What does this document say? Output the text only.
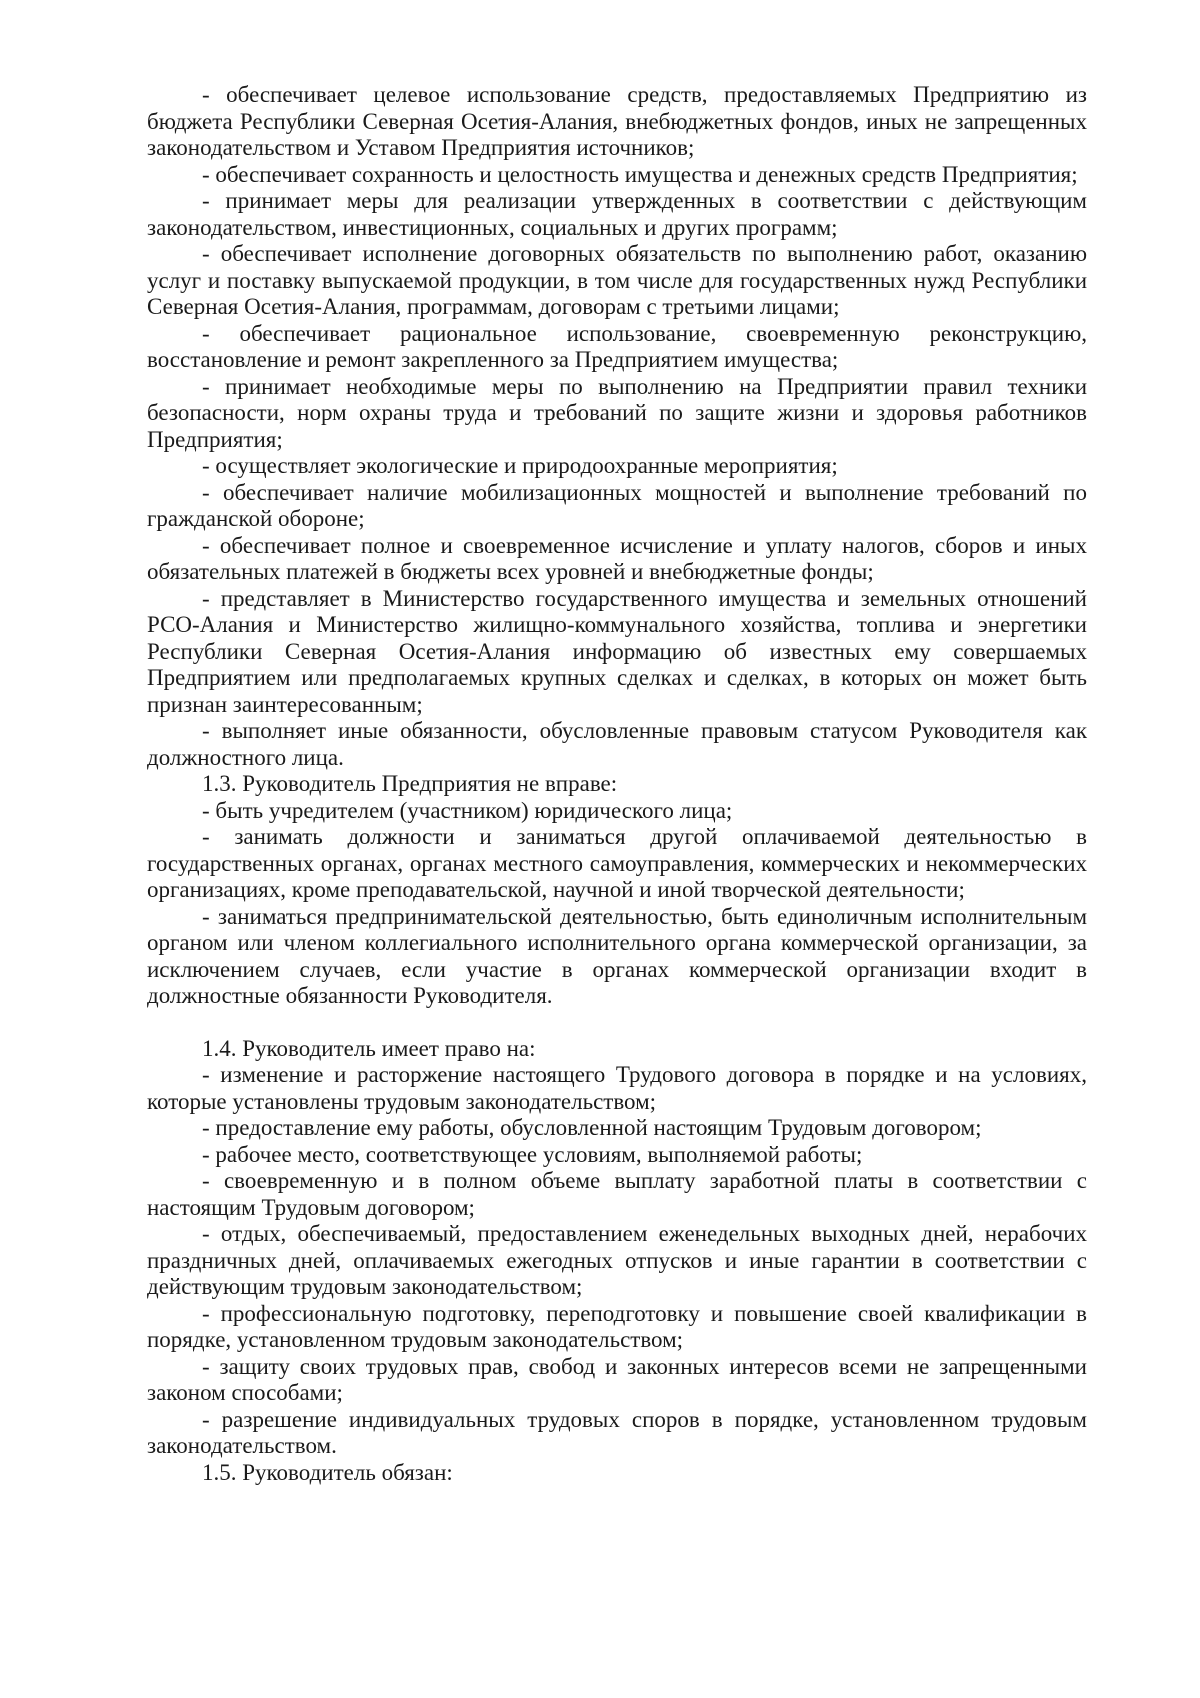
- обеспечивает целевое использование средств, предоставляемых Предприятию из бюджета Республики Северная Осетия-Алания, внебюджетных фондов, иных не запрещенных законодательством и Уставом Предприятия источников;

- обеспечивает сохранность и целостность имущества и денежных средств Предприятия;

- принимает меры для реализации утвержденных в соответствии с действующим законодательством, инвестиционных, социальных и других программ;

- обеспечивает исполнение договорных обязательств по выполнению работ, оказанию услуг и поставку выпускаемой продукции, в том числе для государственных нужд Республики Северная Осетия-Алания, программам, договорам с третьими лицами;

- обеспечивает рациональное использование, своевременную реконструкцию, восстановление и ремонт закрепленного за Предприятием имущества;

- принимает необходимые меры по выполнению на Предприятии правил техники безопасности, норм охраны труда и требований по защите жизни и здоровья работников Предприятия;

- осуществляет экологические и природоохранные мероприятия;

- обеспечивает наличие мобилизационных мощностей и выполнение требований по гражданской обороне;

- обеспечивает полное и своевременное исчисление и уплату налогов, сборов и иных обязательных платежей в бюджеты всех уровней и внебюджетные фонды;

- представляет в Министерство государственного имущества и земельных отношений РСО-Алания и Министерство жилищно-коммунального хозяйства, топлива и энергетики Республики Северная Осетия-Алания информацию об известных ему совершаемых Предприятием или предполагаемых крупных сделках и сделках, в которых он может быть признан заинтересованным;

- выполняет иные обязанности, обусловленные правовым статусом Руководителя как должностного лица.

1.3. Руководитель Предприятия не вправе:

- быть учредителем (участником) юридического лица;

- занимать должности и заниматься другой оплачиваемой деятельностью в государственных органах, органах местного самоуправления, коммерческих и некоммерческих организациях, кроме преподавательской, научной и иной творческой деятельности;

- заниматься предпринимательской деятельностью, быть единоличным исполнительным органом или членом коллегиального исполнительного органа коммерческой организации, за исключением случаев, если участие в органах коммерческой организации входит в должностные обязанности Руководителя.

1.4. Руководитель имеет право на:

- изменение и расторжение настоящего Трудового договора в порядке и на условиях, которые установлены трудовым законодательством;

- предоставление ему работы, обусловленной настоящим Трудовым договором;

- рабочее место, соответствующее условиям, выполняемой работы;

- своевременную и в полном объеме выплату заработной платы в соответствии с настоящим Трудовым договором;

- отдых, обеспечиваемый, предоставлением еженедельных выходных дней, нерабочих праздничных дней, оплачиваемых ежегодных отпусков и иные гарантии в соответствии с действующим трудовым законодательством;

- профессиональную подготовку, переподготовку и повышение своей квалификации в порядке, установленном трудовым законодательством;

- защиту своих трудовых прав, свобод и законных интересов всеми не запрещенными законом способами;

- разрешение индивидуальных трудовых споров в порядке, установленном трудовым законодательством.

1.5. Руководитель обязан:
